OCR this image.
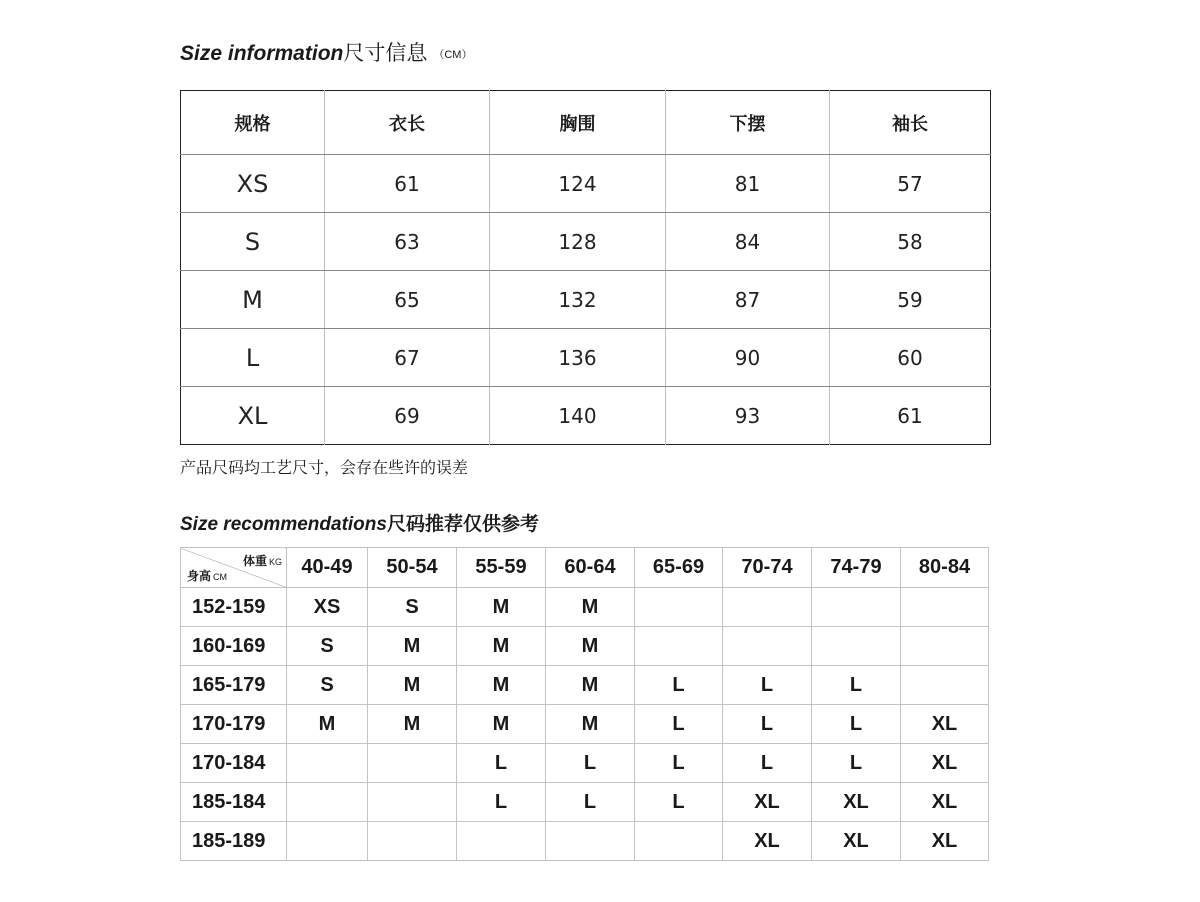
Size information尺寸信息 （CM）
规格	衣长	胸围	下摆	袖长
XS	61	124	81	57
S	63	128	84	58
M	65	132	87	59
L	67	136	90	60
XL	69	140	93	61
产品尺码均工艺尺寸，会存在些许的误差
Size recommendations尺码推荐仅供参考
体重 KG
身高 CM	40-49	50-54	55-59	60-64	65-69	70-74	74-79	80-84
152-159	XS	S	M	M				
160-169	S	M	M	M				
165-179	S	M	M	M	L	L	L	
170-179	M	M	M	M	L	L	L	XL
170-184			L	L	L	L	L	XL
185-184			L	L	L	XL	XL	XL
185-189						XL	XL	XL
